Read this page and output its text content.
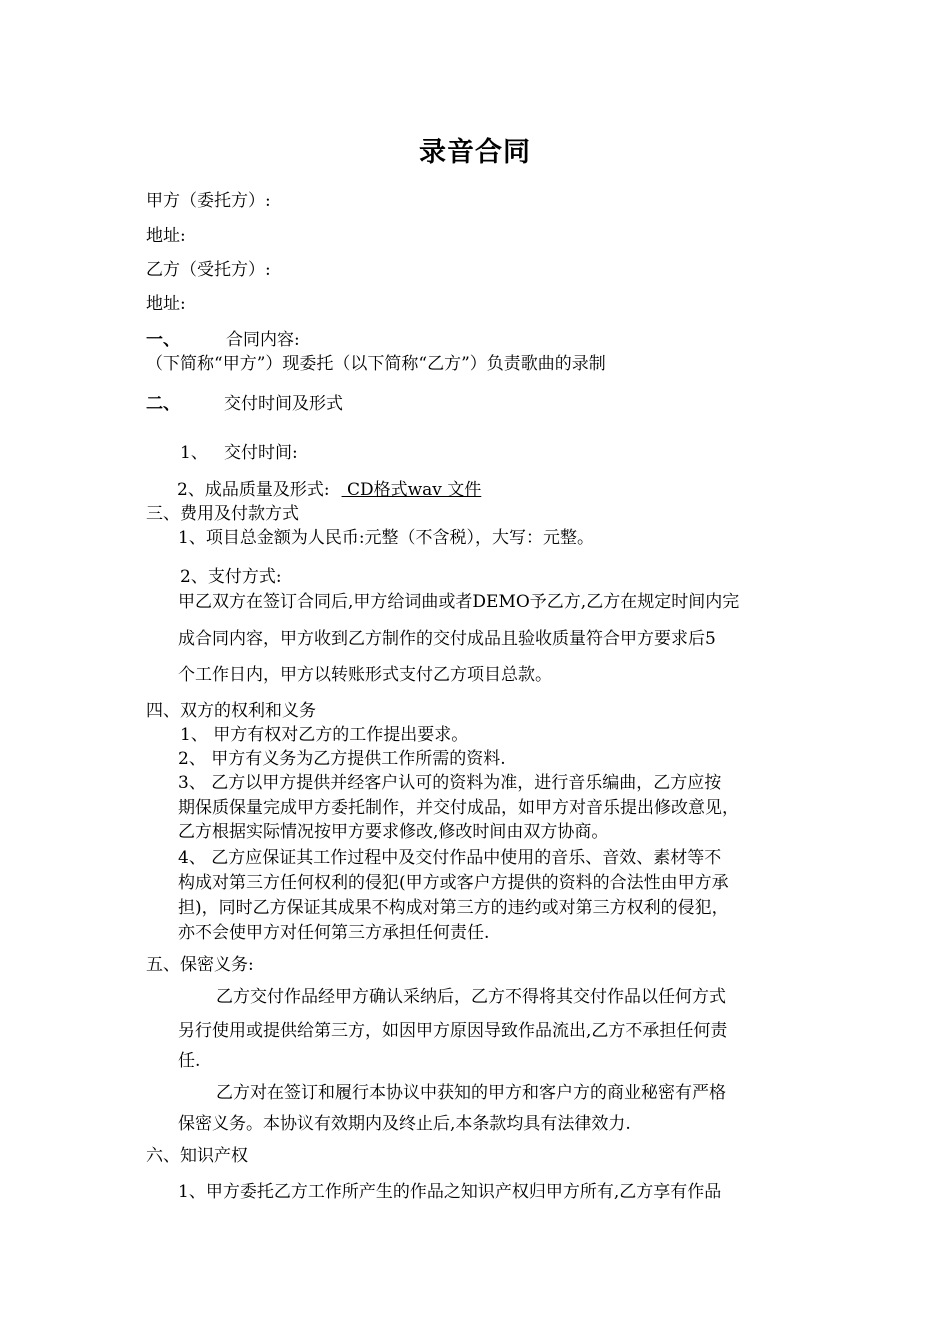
录音合同
甲方（委托方）:
地址:
乙方（受托方）:
地址:
一、	合同内容:
（下简称“甲方”）现委托（以下简称“乙方”）负责歌曲的录制
二、	交付时间及形式
1、 交付时间:
2、成品质量及形式: CD格式wav 文件
三、费用及付款方式
1、项目总金额为人民币:元整（不含税），大写：元整。
2、支付方式:
甲乙双方在签订合同后,甲方给词曲或者DEMO予乙方,乙方在规定时间内完
成合同内容，甲方收到乙方制作的交付成品且验收质量符合甲方要求后5
个工作日内，甲方以转账形式支付乙方项目总款。
四、双方的权利和义务
1、 甲方有权对乙方的工作提出要求。
2、 甲方有义务为乙方提供工作所需的资料.
3、 乙方以甲方提供并经客户认可的资料为准，进行音乐编曲，乙方应按
期保质保量完成甲方委托制作，并交付成品，如甲方对音乐提出修改意见，
乙方根据实际情况按甲方要求修改,修改时间由双方协商。
4、 乙方应保证其工作过程中及交付作品中使用的音乐、音效、素材等不
构成对第三方任何权利的侵犯(甲方或客户方提供的资料的合法性由甲方承
担)，同时乙方保证其成果不构成对第三方的违约或对第三方权利的侵犯，
亦不会使甲方对任何第三方承担任何责任.
五、保密义务:
乙方交付作品经甲方确认采纳后，乙方不得将其交付作品以任何方式
另行使用或提供给第三方，如因甲方原因导致作品流出,乙方不承担任何责
任.
乙方对在签订和履行本协议中获知的甲方和客户方的商业秘密有严格
保密义务。本协议有效期内及终止后,本条款均具有法律效力.
六、知识产权
1、甲方委托乙方工作所产生的作品之知识产权归甲方所有,乙方享有作品
